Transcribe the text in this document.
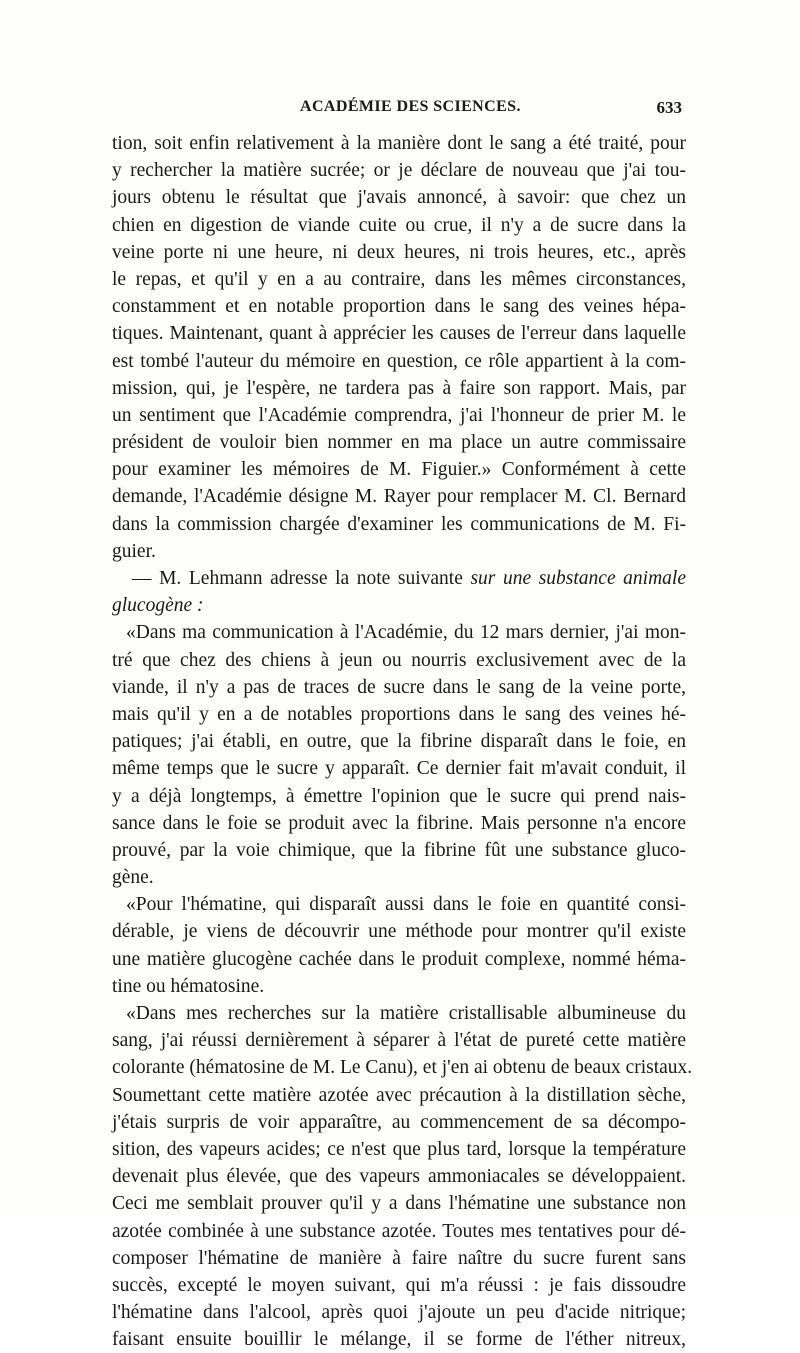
ACADÉMIE DES SCIENCES.	633
tion, soit enfin relativement à la manière dont le sang a été traité, pour
y rechercher la matière sucrée; or je déclare de nouveau que j'ai tou-
jours obtenu le résultat que j'avais annoncé, à savoir: que chez un
chien en digestion de viande cuite ou crue, il n'y a de sucre dans la
veine porte ni une heure, ni deux heures, ni trois heures, etc., après
le repas, et qu'il y en a au contraire, dans les mêmes circonstances,
constamment et en notable proportion dans le sang des veines hépa-
tiques. Maintenant, quant à apprécier les causes de l'erreur dans laquelle
est tombé l'auteur du mémoire en question, ce rôle appartient à la com-
mission, qui, je l'espère, ne tardera pas à faire son rapport. Mais, par
un sentiment que l'Académie comprendra, j'ai l'honneur de prier M. le
président de vouloir bien nommer en ma place un autre commissaire
pour examiner les mémoires de M. Figuier.» Conformément à cette
demande, l'Académie désigne M. Rayer pour remplacer M. Cl. Bernard
dans la commission chargée d'examiner les communications de M. Fi-
guier.
— M. Lehmann adresse la note suivante sur une substance animale
glucogène :
«Dans ma communication à l'Académie, du 12 mars dernier, j'ai mon-
tré que chez des chiens à jeun ou nourris exclusivement avec de la
viande, il n'y a pas de traces de sucre dans le sang de la veine porte,
mais qu'il y en a de notables proportions dans le sang des veines hé-
patiques; j'ai établi, en outre, que la fibrine disparaît dans le foie, en
même temps que le sucre y apparaît. Ce dernier fait m'avait conduit, il
y a déjà longtemps, à émettre l'opinion que le sucre qui prend nais-
sance dans le foie se produit avec la fibrine. Mais personne n'a encore
prouvé, par la voie chimique, que la fibrine fût une substance gluco-
gène.
«Pour l'hématine, qui disparaît aussi dans le foie en quantité consi-
dérable, je viens de découvrir une méthode pour montrer qu'il existe
une matière glucogène cachée dans le produit complexe, nommé héma-
tine ou hématosine.
«Dans mes recherches sur la matière cristallisable albumineuse du
sang, j'ai réussi dernièrement à séparer à l'état de pureté cette matière
colorante (hématosine de M. Le Canu), et j'en ai obtenu de beaux cristaux.
Soumettant cette matière azotée avec précaution à la distillation sèche,
j'étais surpris de voir apparaître, au commencement de sa décompo-
sition, des vapeurs acides; ce n'est que plus tard, lorsque la température
devenait plus élevée, que des vapeurs ammoniacales se développaient.
Ceci me semblait prouver qu'il y a dans l'hématine une substance non
azotée combinée à une substance azotée. Toutes mes tentatives pour dé-
composer l'hématine de manière à faire naître du sucre furent sans
succès, excepté le moyen suivant, qui m'a réussi : je fais dissoudre
l'hématine dans l'alcool, après quoi j'ajoute un peu d'acide nitrique;
faisant ensuite bouillir le mélange, il se forme de l'éther nitreux,
